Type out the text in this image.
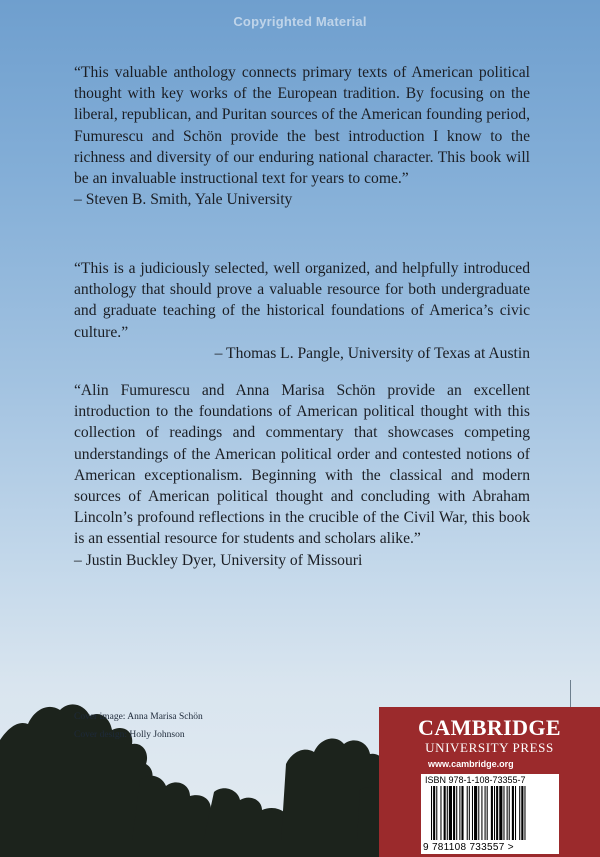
Copyrighted Material

“This valuable anthology connects primary texts of American political thought with key works of the European tradition. By focusing on the liberal, republican, and Puritan sources of the American founding period, Fumurescu and Schön provide the best introduction I know to the richness and diversity of our enduring national character. This book will be an invaluable instructional text for years to come.”

– Steven B. Smith, Yale University

“This is a judiciously selected, well organized, and helpfully introduced anthology that should prove a valuable resource for both undergraduate and graduate teaching of the historical foundations of America’s civic culture.”

– Thomas L. Pangle, University of Texas at Austin

“Alin Fumurescu and Anna Marisa Schön provide an excellent introduction to the foundations of American political thought with this collection of readings and commentary that showcases competing understandings of the American political order and contested notions of American exceptionalism. Beginning with the classical and modern sources of American political thought and concluding with Abraham Lincoln’s profound reflections in the crucible of the Civil War, this book is an essential resource for students and scholars alike.”

– Justin Buckley Dyer, University of Missouri
Cover image: Anna Marisa Schön
Cover design: Holly Johnson	CAMBRIDGE
UNIVERSITY PRESS
www.cambridge.org
ISBN 978-1-108-73355-7
9 781108 733557 >
